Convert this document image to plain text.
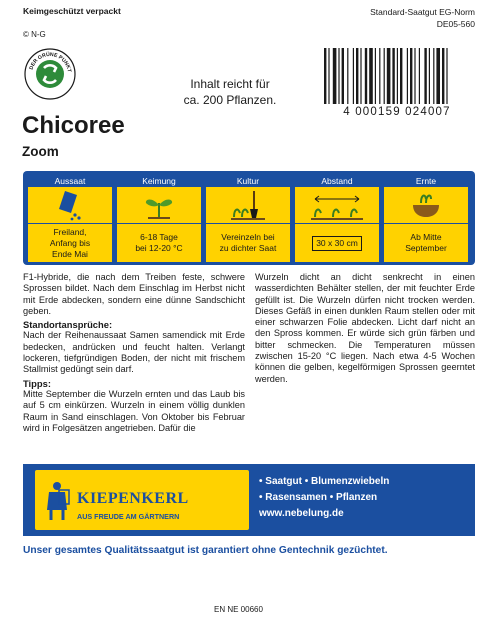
Keimgeschützt verpackt	Standard-Saatgut EG-Norm
DE05-560
© N-G
DER GRÜNE PUNKT
Inhalt reicht für
ca. 200 Pflanzen.
4 000159 024007
Chicoree
Zoom
Aussaat
Freiland,
Anfang bis
Ende Mai
Keimung
6-18 Tage
bei 12-20 °C
Kultur
Vereinzeln bei
zu dichter Saat
Abstand
30 x 30 cm
Ernte
Ab Mitte
September

F1-Hybride, die nach dem Treiben feste, schwere Sprossen bildet. Nach dem Einschlag im Herbst nicht mit Erde abdecken, sondern eine dünne Sandschicht geben.

Standortansprüche:

Nach der Reihenaussaat Samen samendick mit Erde bedecken, andrücken und feucht halten. Verlangt lockeren, tiefgründigen Boden, der nicht mit frischem Stallmist gedüngt sein darf.

Tipps:

Mitte September die Wurzeln ernten und das Laub bis auf 5 cm einkürzen. Wurzeln in einem völlig dunklen Raum in Sand einschlagen. Von Oktober bis Februar wird in Folgesätzen angetrieben. Dafür die

Wurzeln dicht an dicht senkrecht in einen wasserdichten Behälter stellen, der mit feuchter Erde gefüllt ist. Die Wurzeln dürfen nicht trocken werden. Dieses Gefäß in einen dunklen Raum stellen oder mit einer schwarzen Folie abdecken. Licht darf nicht an den Spross kommen. Er würde sich grün färben und bitter schmecken. Die Temperaturen müssen zwischen 15-20 °C liegen. Nach etwa 4-5 Wochen können die gelben, kegelförmigen Sprossen geerntet werden.

KIEPENKERL
AUS FREUDE AM GÄRTNERN
• Saatgut • Blumenzwiebeln
• Rasensamen • Pflanzen
www.nebelung.de
Unser gesamtes Qualitätssaatgut ist garantiert ohne Gentechnik gezüchtet.
EN NE 00660
